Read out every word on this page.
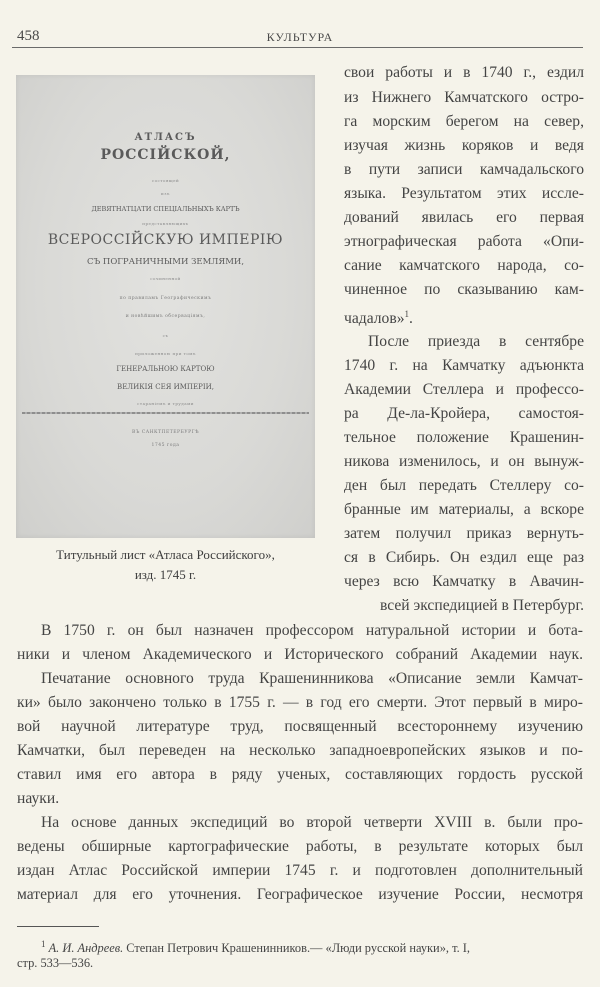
458	КУЛЬТУРА
АТЛАСЪ
РОССІЙСКОЙ,
состоящей
изъ
ДЕВЯТНАТЦАТИ СПЕЦІАЛЬНЫХЪ КАРТЪ
представляющихъ
ВСЕРОССІЙСКУЮ ИМПЕРІЮ
СЪ ПОГРАНИЧНЫМИ ЗЕМЛЯМИ,
сочиненной
по правиламъ Географическимъ
и новѣйшимъ обсерваціямъ,
съ
приложенною при томъ
ГЕНЕРАЛЬНОЮ КАРТОЮ
ВЕЛИКІЯ СЕЯ ИМПЕРІИ,
стараніемъ и трудами
ВЪ САНКТПЕТЕРБУРГѢ
1745 года
Титульный лист «Атласа Российского»,
изд. 1745 г.
свои работы и в 1740 г., ездил
из Нижнего Камчатского остро-
га морским берегом на север,
изучая жизнь коряков и ведя
в пути записи камчадальского
языка. Результатом этих иссле-
дований явилась его первая
этнографическая работа «Опи-
сание камчатского народа, со-
чиненное по сказыванию кам-
чадалов»$^1$.
После приезда в сентябре
1740 г. на Камчатку адъюнкта
Академии Стеллера и профессо-
ра Де-ла-Кройера, самостоя-
тельное положение Крашенин-
никова изменилось, и он вынуж-
ден был передать Стеллеру со-
бранные им материалы, а вскоре
затем получил приказ вернуть-
ся в Сибирь. Он ездил еще раз
через всю Камчатку в Авачин-
всей экспедицией в Петербург.
В 1750 г. он был назначен профессором натуральной истории и бота-
ники и членом Академического и Исторического собраний Академии наук.
Печатание основного труда Крашенинникова «Описание земли Камчат-
ки» было закончено только в 1755 г. — в год его смерти. Этот первый в миро-
вой научной литературе труд, посвященный всестороннему изучению
Камчатки, был переведен на несколько западноевропейских языков и по-
ставил имя его автора в ряду ученых, составляющих гордость русской
науки.
На основе данных экспедиций во второй четверти XVIII в. были про-
ведены обширные картографические работы, в результате которых был
издан Атлас Российской империи 1745 г. и подготовлен дополнительный
материал для его уточнения. Географическое изучение России, несмотря
$^1$ А. И. Андреев. Степан Петрович Крашенинников.— «Люди русской науки», т. I,
стр. 533—536.
